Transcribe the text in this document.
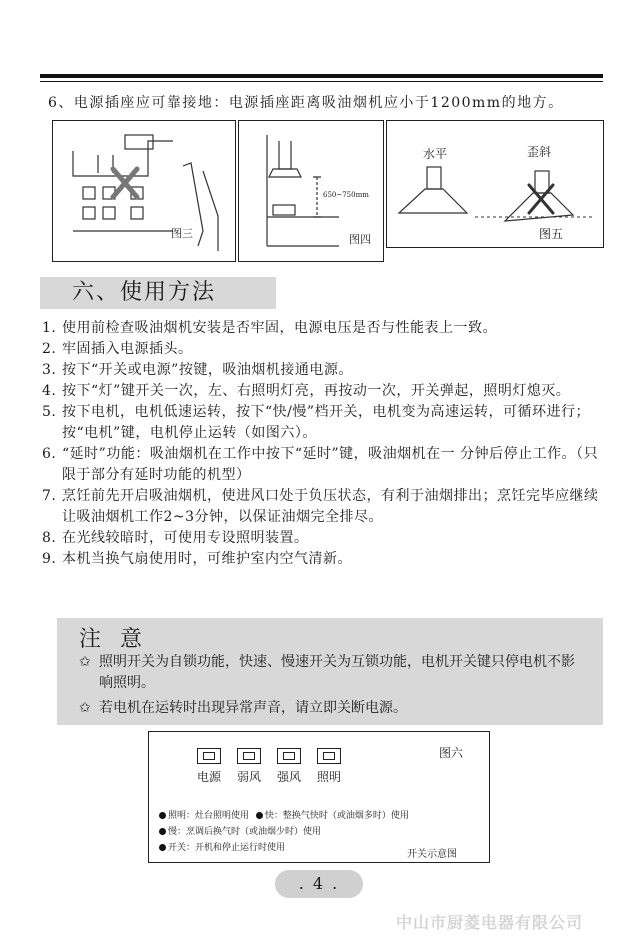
6、电源插座应可靠接地：电源插座距离吸油烟机应小于1200mm的地方。
图三
650~750mm
图四
水平	歪斜
图五
六、使用方法
1. 使用前检查吸油烟机安装是否牢固，电源电压是否与性能表上一致。
2. 牢固插入电源插头。
3. 按下“开关或电源”按键，吸油烟机接通电源。
4. 按下“灯”键开关一次，左、右照明灯亮，再按动一次，开关弹起，照明灯熄灭。
5. 按下电机，电机低速运转，按下“快/慢”档开关，电机变为高速运转，可循环进行；按“电机”键，电机停止运转（如图六）。
6. “延时”功能：吸油烟机在工作中按下“延时”键，吸油烟机在一 分钟后停止工作。（只限于部分有延时功能的机型）
7. 烹饪前先开启吸油烟机，使进风口处于负压状态，有利于油烟排出；烹饪完毕应继续让吸油烟机工作2~3分钟，以保证油烟完全排尽。
8. 在光线较暗时，可使用专设照明装置。
9. 本机当换气扇使用时，可维护室内空气清新。
注 意
✩ 照明开关为自锁功能，快速、慢速开关为互锁功能，电机开关键只停电机不影响照明。
✩ 若电机在运转时出现异常声音，请立即关断电源。
图六
电源	弱风	强风	照明
照明：灶台照明使用 快：整换气快时（或油烟多时）使用
慢：烹调后换气时（或油烟少时）使用
开关：开机和停止运行时使用
开关示意图
. 4 .
中山市厨菱电器有限公司
